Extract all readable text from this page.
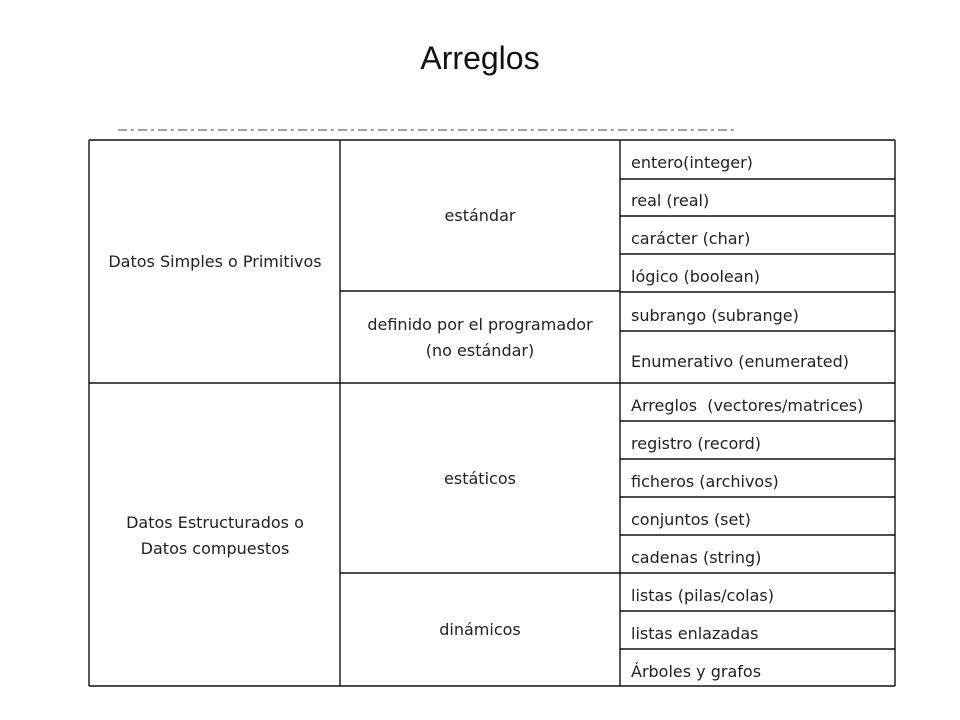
Arreglos
Datos Simples o Primitivos
Datos Estructurados o
Datos compuestos
estándar
definido por el programador
(no estándar)
estáticos
dinámicos
entero(integer)
real (real)
carácter (char)
lógico (boolean)
subrango (subrange)
Enumerativo (enumerated)
Arreglos  (vectores/matrices)
registro (record)
ficheros (archivos)
conjuntos (set)
cadenas (string)
listas (pilas/colas)
listas enlazadas
Árboles y grafos
